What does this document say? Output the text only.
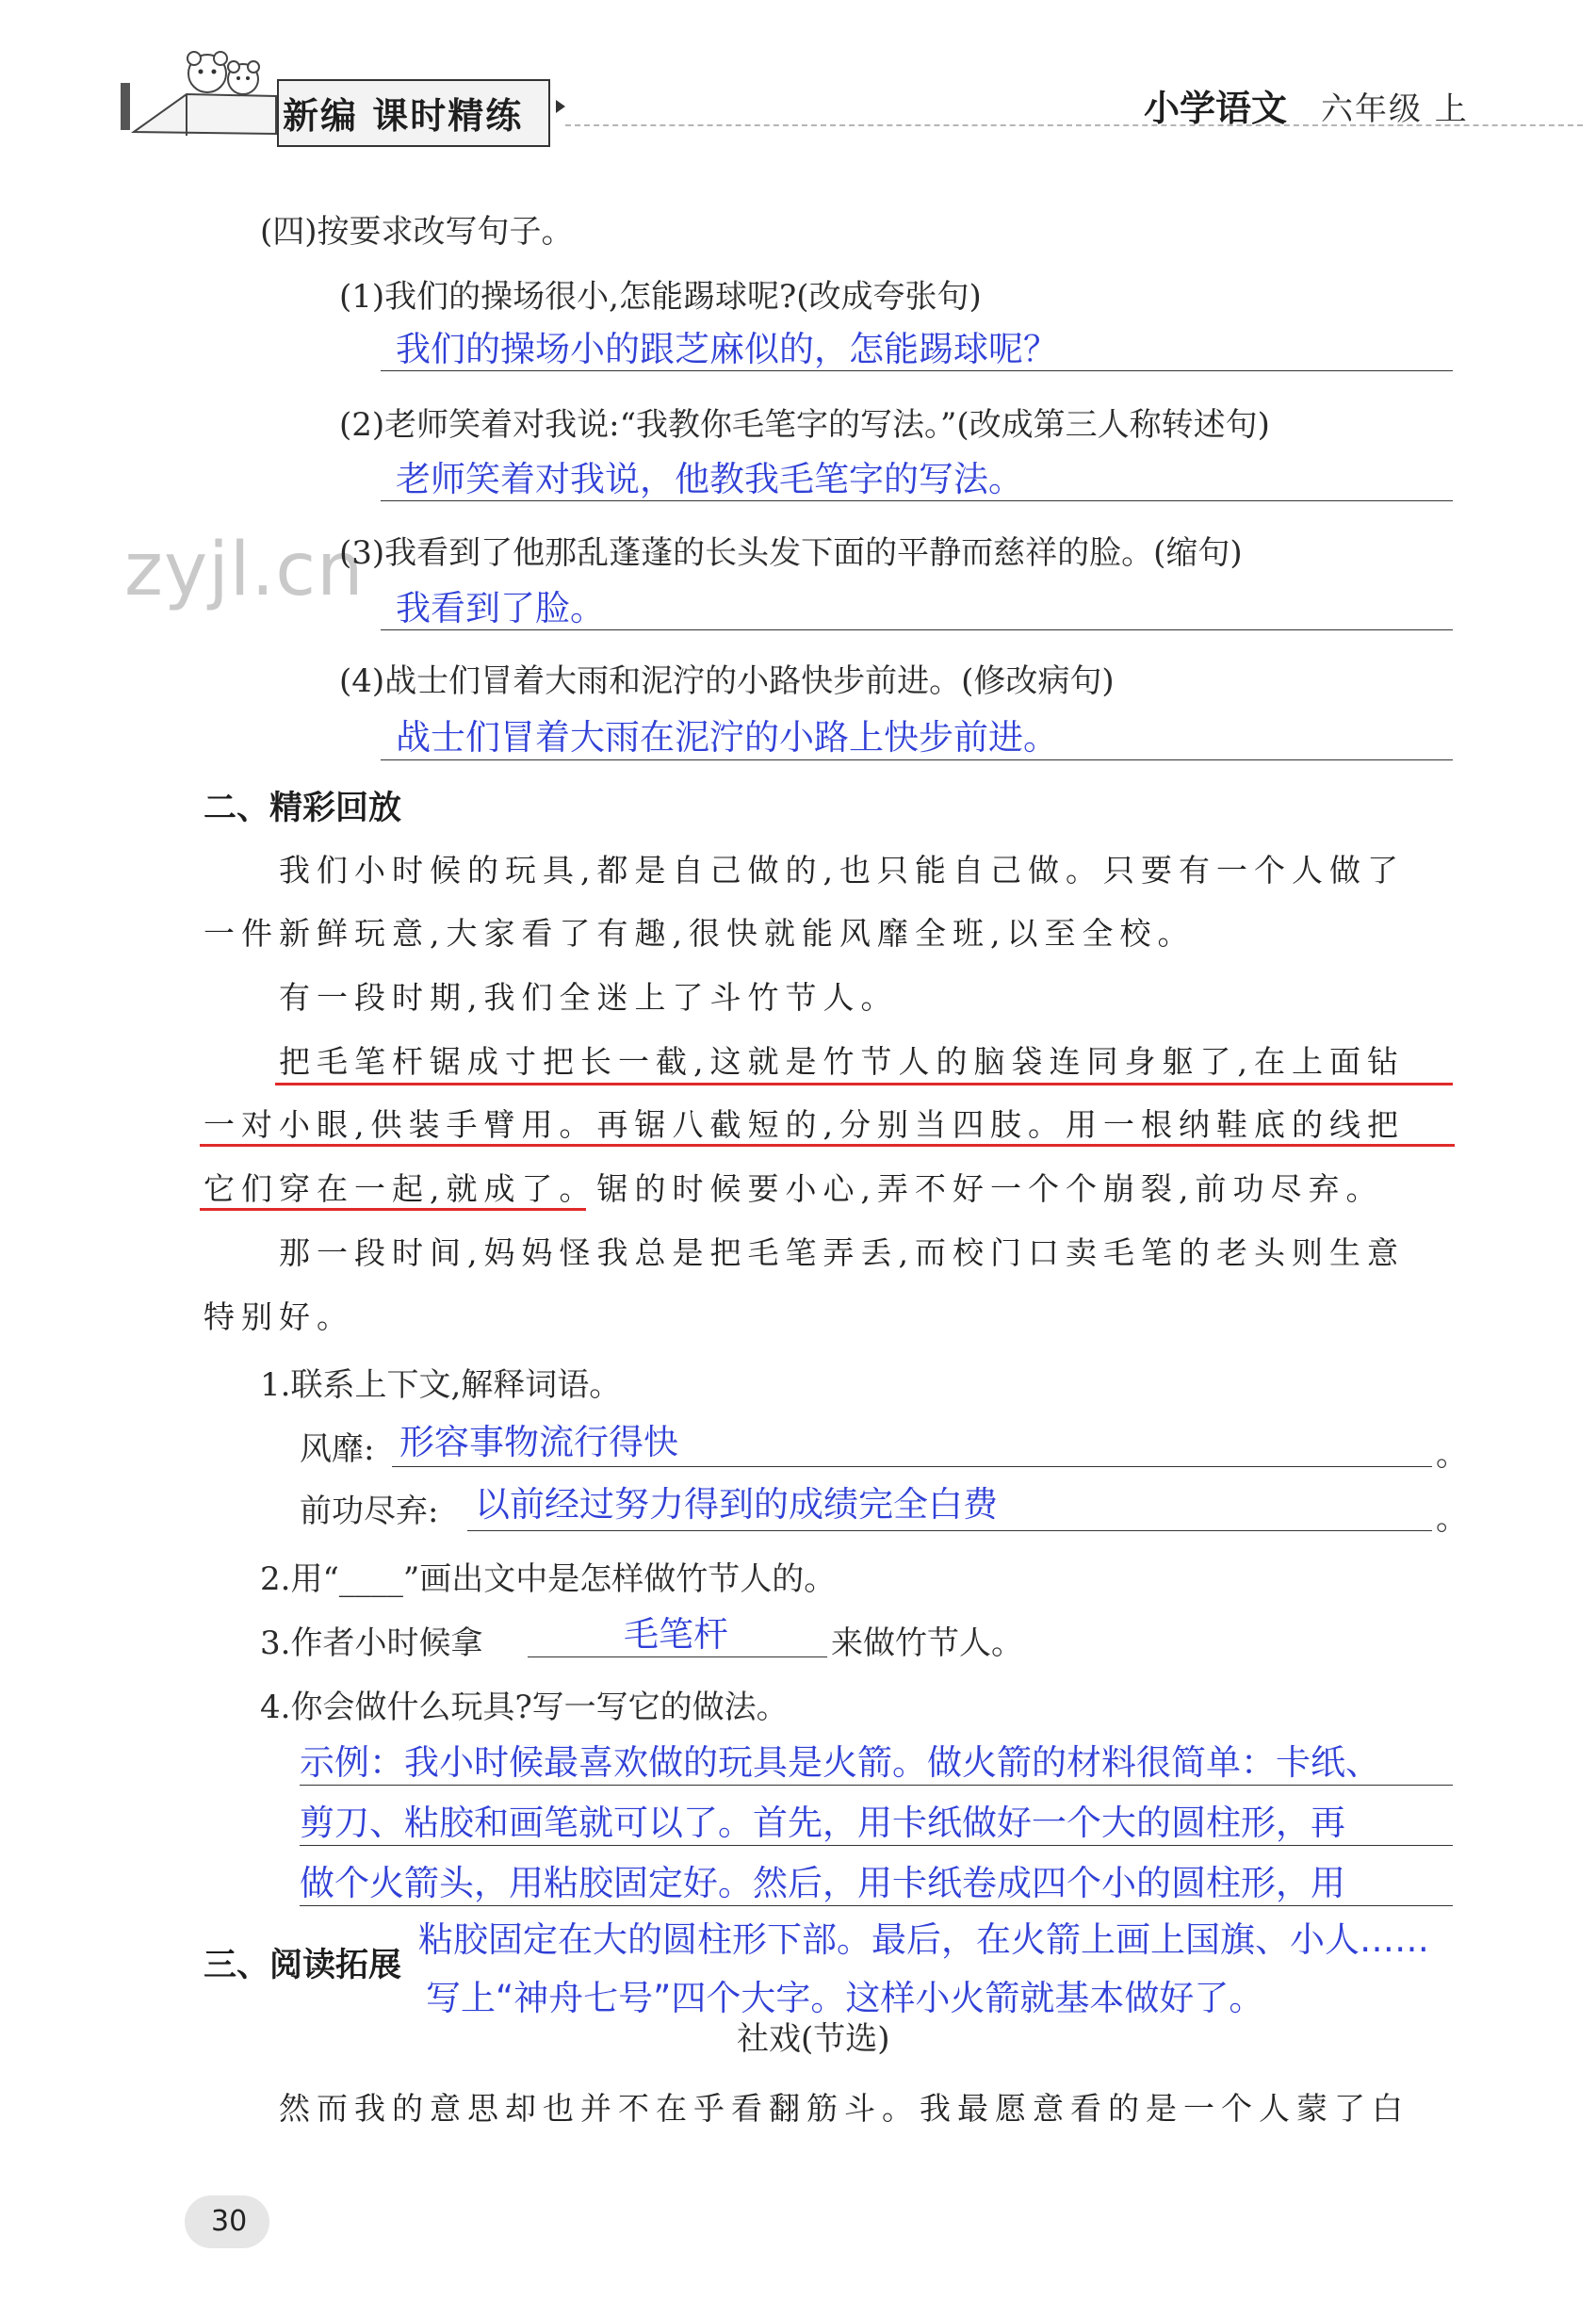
新编 课时精练	小学语文 六年级 上
zyjl.cn
(四)按要求改写句子。
(1)我们的操场很小,怎能踢球呢?(改成夸张句)
我们的操场小的跟芝麻似的，怎能踢球呢？
(2)老师笑着对我说:“我教你毛笔字的写法。”(改成第三人称转述句)
老师笑着对我说，他教我毛笔字的写法。
(3)我看到了他那乱蓬蓬的长头发下面的平静而慈祥的脸。(缩句)
我看到了脸。
(4)战士们冒着大雨和泥泞的小路快步前进。(修改病句)
战士们冒着大雨在泥泞的小路上快步前进。
二、精彩回放
我们小时候的玩具,都是自己做的,也只能自己做。只要有一个人做了
一件新鲜玩意,大家看了有趣,很快就能风靡全班,以至全校。
有一段时期,我们全迷上了斗竹节人。
把毛笔杆锯成寸把长一截,这就是竹节人的脑袋连同身躯了,在上面钻
一对小眼,供装手臂用。再锯八截短的,分别当四肢。用一根纳鞋底的线把
它们穿在一起,就成了。锯的时候要小心,弄不好一个个崩裂,前功尽弃。
那一段时间,妈妈怪我总是把毛笔弄丢,而校门口卖毛笔的老头则生意
特别好。
1.联系上下文,解释词语。
风靡: 形容事物流行得快	。
前功尽弃: 以前经过努力得到的成绩完全白费	。
2.用“____”画出文中是怎样做竹节人的。
3.作者小时候拿	毛笔杆	来做竹节人。
4.你会做什么玩具?写一写它的做法。
示例：我小时候最喜欢做的玩具是火箭。做火箭的材料很简单：卡纸、
剪刀、粘胶和画笔就可以了。首先，用卡纸做好一个大的圆柱形，再
做个火箭头，用粘胶固定好。然后，用卡纸卷成四个小的圆柱形，用
粘胶固定在大的圆柱形下部。最后，在火箭上画上国旗、小人……
写上“神舟七号”四个大字。这样小火箭就基本做好了。
三、阅读拓展
社戏(节选)
然而我的意思却也并不在乎看翻筋斗。我最愿意看的是一个人蒙了白
30
